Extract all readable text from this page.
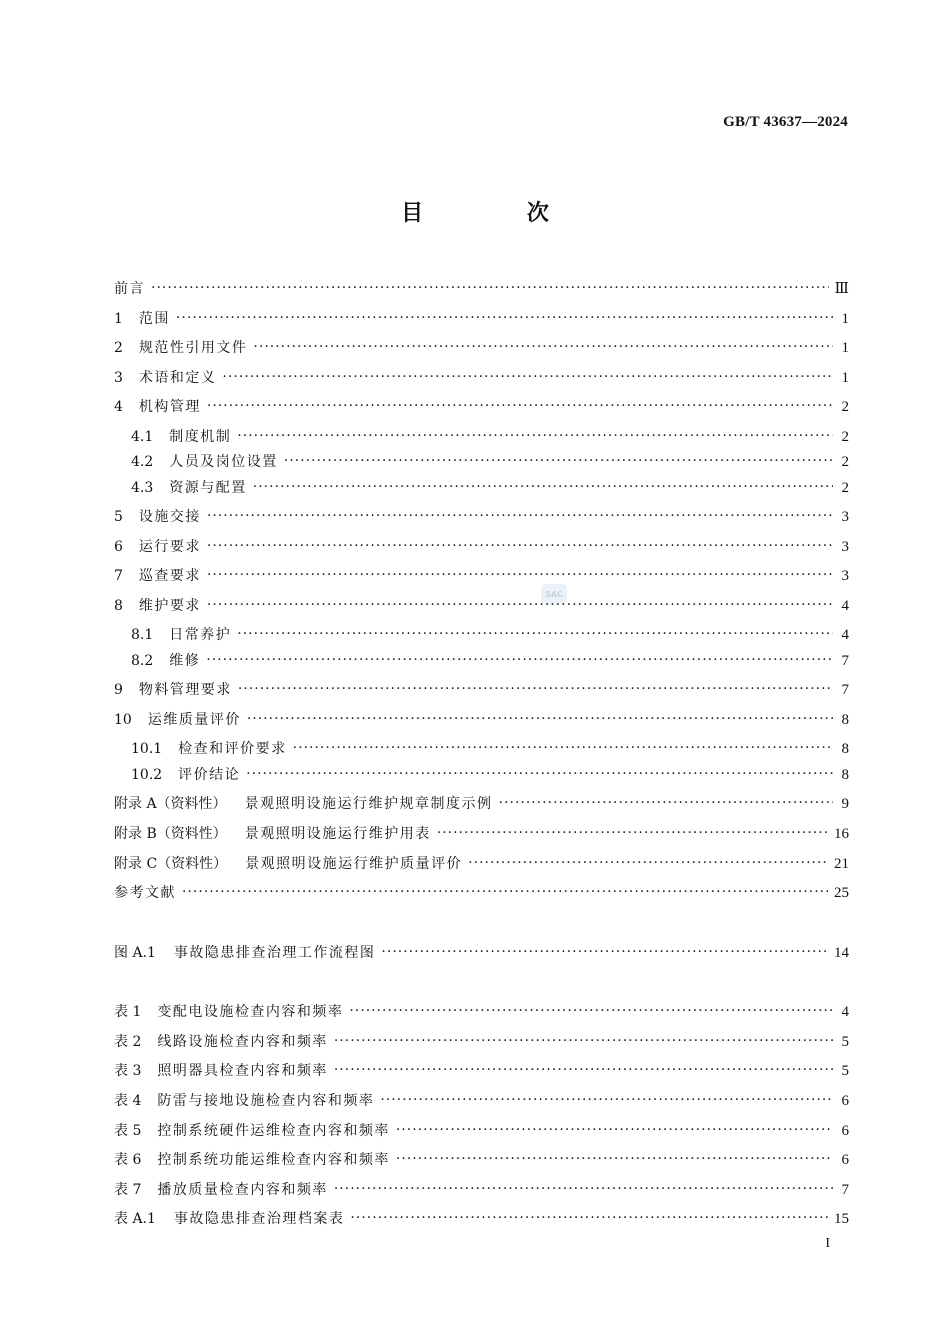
GB/T 43637—2024
目 次
SAC
前言 ·····	Ⅲ
1 范围 ·····	1
2 规范性引用文件 ·····	1
3 术语和定义 ·····	1
4 机构管理 ·····	2
4.1 制度机制 ·····	2
4.2 人员及岗位设置 ·····	2
4.3 资源与配置 ·····	2
5 设施交接 ·····	3
6 运行要求 ·····	3
7 巡查要求 ·····	3
8 维护要求 ·····	4
8.1 日常养护 ·····	4
8.2 维修 ·····	7
9 物料管理要求 ·····	7
10 运维质量评价 ·····	8
10.1 检查和评价要求 ·····	8
10.2 评价结论 ·····	8
附录 A（资料性） 景观照明设施运行维护规章制度示例 ·····	9
附录 B（资料性） 景观照明设施运行维护用表 ·····	16
附录 C（资料性） 景观照明设施运行维护质量评价 ·····	21
参考文献 ·····	25
图 A.1 事故隐患排查治理工作流程图 ·····	14
表 1 变配电设施检查内容和频率 ·····	4
表 2 线路设施检查内容和频率 ·····	5
表 3 照明器具检查内容和频率 ·····	5
表 4 防雷与接地设施检查内容和频率 ·····	6
表 5 控制系统硬件运维检查内容和频率 ·····	6
表 6 控制系统功能运维检查内容和频率 ·····	6
表 7 播放质量检查内容和频率 ·····	7
表 A.1 事故隐患排查治理档案表 ·····	15
I
